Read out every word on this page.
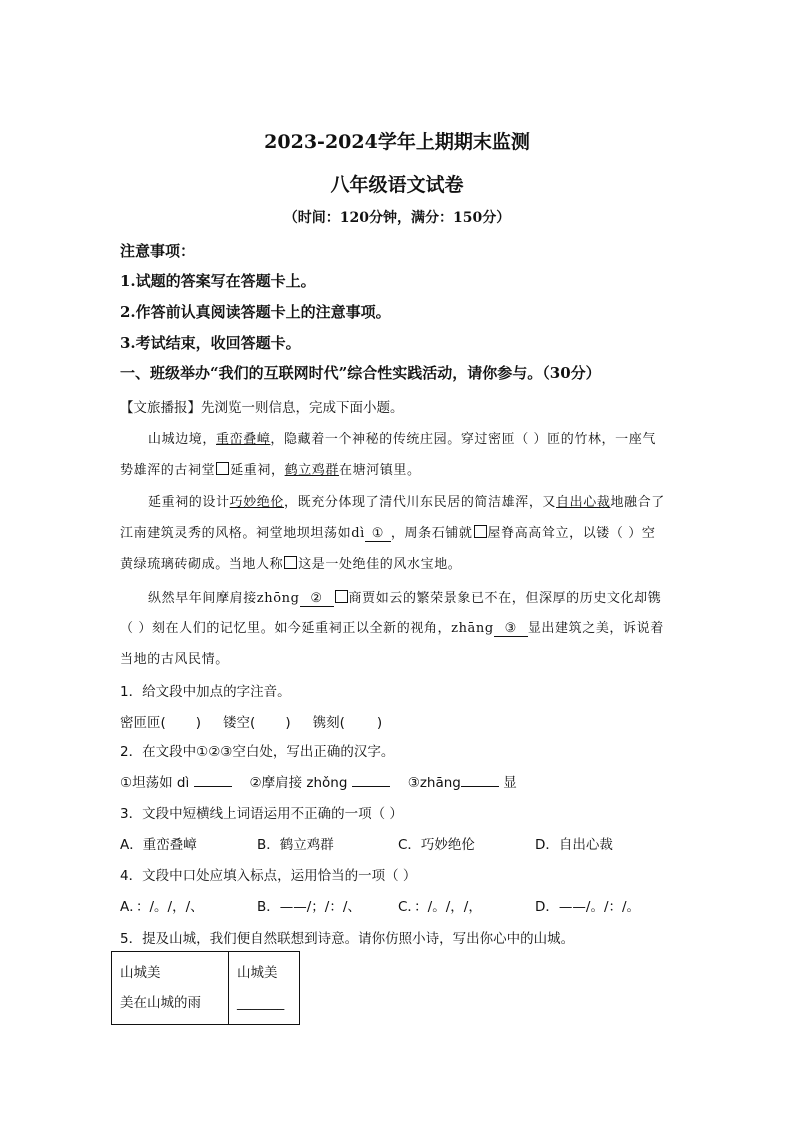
2023-2024学年上期期末监测
八年级语文试卷
（时间：120分钟，满分：150分）
注意事项：
1.试题的答案写在答题卡上。
2.作答前认真阅读答题卡上的注意事项。
3.考试结束，收回答题卡。
一、班级举办“我们的互联网时代”综合性实践活动，请你参与。（30分）
【文旅播报】先浏览一则信息，完成下面小题。
山城边境，重峦叠嶂，隐藏着一个神秘的传统庄园。穿过密匝（ ）匝的竹林，一座气
势雄浑的古祠堂 延重祠，鹤立鸡群在塘河镇里。
延重祠的设计巧妙绝伦，既充分体现了清代川东民居的简洁雄浑，又自出心裁地融合了
江南建筑灵秀的风格。祠堂地坝坦荡如dì ① ，周条石铺就 屋脊高高耸立，以镂（ ）空
黄绿琉璃砖砌成。当地人称 这是一处绝佳的风水宝地。
纵然早年间摩肩接zhōng ② 商贾如云的繁荣景象已不在，但深厚的历史文化却镌
（ ）刻在人们的记忆里。如今延重祠正以全新的视角，zhāng ③ 显出建筑之美，诉说着
当地的古风民情。
1．给文段中加点的字注音。
密匝匝( ) 镂空( ) 镌刻( )
2．在文段中①②③空白处，写出正确的汉字。
①坦荡如 dì	②摩肩接 zhǒng	③zhāng	显
3．文段中短横线上词语运用不正确的一项（ ）
A．重峦叠嶂	B．鹤立鸡群	C．巧妙绝伦	D．自出心裁
4．文段中口处应填入标点，运用恰当的一项（ ）
A．：/。/，/、	B．——/；/：/、	C．：/。/，/，	D．——/。/：/。
5．提及山城，我们便自然联想到诗意。请你仿照小诗，写出你心中的山城。
山城美
美在山城的雨

山城美
_______
